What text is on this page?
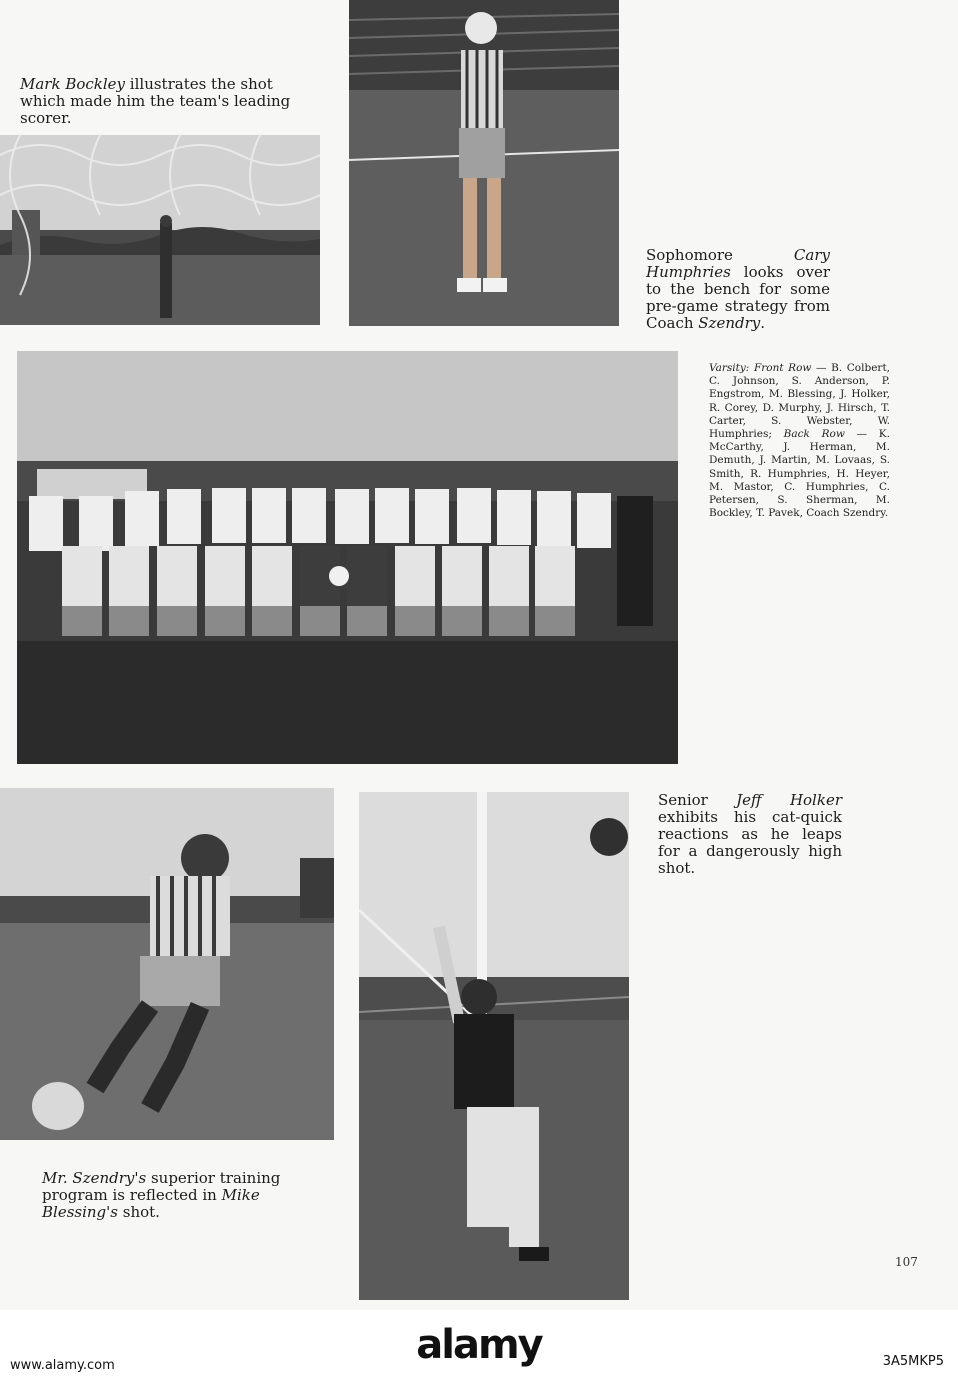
Mark Bockley illustrates the shot which made him the team's leading scorer.
Sophomore Cary Humphries looks over to the bench for some pre-game strategy from Coach Szendry.
Varsity: Front Row — B. Colbert, C. Johnson, S. Anderson, P. Engstrom, M. Blessing, J. Holker, R. Corey, D. Murphy, J. Hirsch, T. Carter, S. Webster, W. Humphries; Back Row — K. McCarthy, J. Herman, M. Demuth, J. Martin, M. Lovaas, S. Smith, R. Humphries, H. Heyer, M. Mastor, C. Humphries, C. Petersen, S. Sherman, M. Bockley, T. Pavek, Coach Szendry.
Mr. Szendry's superior training program is reflected in Mike Blessing's shot.
Senior Jeff Holker exhibits his cat-quick reactions as he leaps for a dangerously high shot.
107
alamy	3A5MKP5
www.alamy.com
